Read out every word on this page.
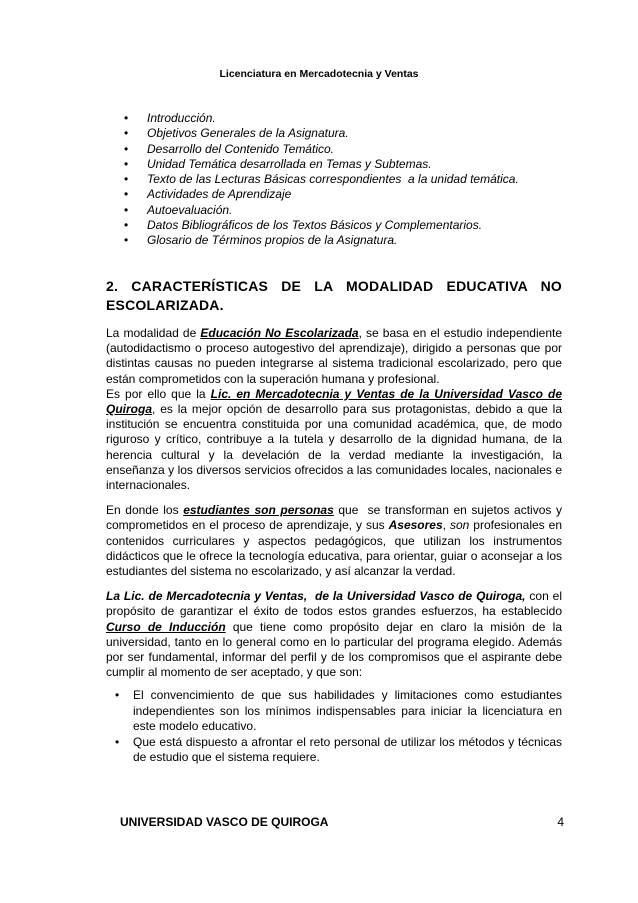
Licenciatura en Mercadotecnia y Ventas
• Introducción.
• Objetivos Generales de la Asignatura.
• Desarrollo del Contenido Temático.
• Unidad Temática desarrollada en Temas y Subtemas.
• Texto de las Lecturas Básicas correspondientes  a la unidad temática.
• Actividades de Aprendizaje
• Autoevaluación.
• Datos Bibliográficos de los Textos Básicos y Complementarios.
• Glosario de Términos propios de la Asignatura.
2. CARACTERÍSTICAS DE LA MODALIDAD EDUCATIVA NO ESCOLARIZADA.

La modalidad de Educación No Escolarizada, se basa en el estudio independiente (autodidactismo o proceso autogestivo del aprendizaje), dirigido a personas que por distintas causas no pueden integrarse al sistema tradicional escolarizado, pero que están comprometidos con la superación humana y profesional.

Es por ello que la Lic. en Mercadotecnia y Ventas de la Universidad Vasco de Quiroga, es la mejor opción de desarrollo para sus protagonistas, debido a que la institución se encuentra constituida por una comunidad académica, que, de modo riguroso y crítico, contribuye a la tutela y desarrollo de la dignidad humana, de la herencia cultural y la develación de la verdad mediante la investigación, la enseñanza y los diversos servicios ofrecidos a las comunidades locales, nacionales e internacionales.

En donde los estudiantes son personas que  se transforman en sujetos activos y comprometidos en el proceso de aprendizaje, y sus Asesores, son profesionales en contenidos curriculares y aspectos pedagógicos, que utilizan los instrumentos didácticos que le ofrece la tecnología educativa, para orientar, guiar o aconsejar a los estudiantes del sistema no escolarizado, y así alcanzar la verdad.

La Lic. de Mercadotecnia y Ventas,  de la Universidad Vasco de Quiroga, con el propósito de garantizar el éxito de todos estos grandes esfuerzos, ha establecido Curso de Inducción que tiene como propósito dejar en claro la misión de la universidad, tanto en lo general como en lo particular del programa elegido. Además por ser fundamental, informar del perfil y de los compromisos que el aspirante debe cumplir al momento de ser aceptado, y que son:

• El convencimiento de que sus habilidades y limitaciones como estudiantes independientes son los mínimos indispensables para iniciar la licenciatura en este modelo educativo.
• Que está dispuesto a afrontar el reto personal de utilizar los métodos y técnicas de estudio que el sistema requiere.
UNIVERSIDAD VASCO DE QUIROGA	4
